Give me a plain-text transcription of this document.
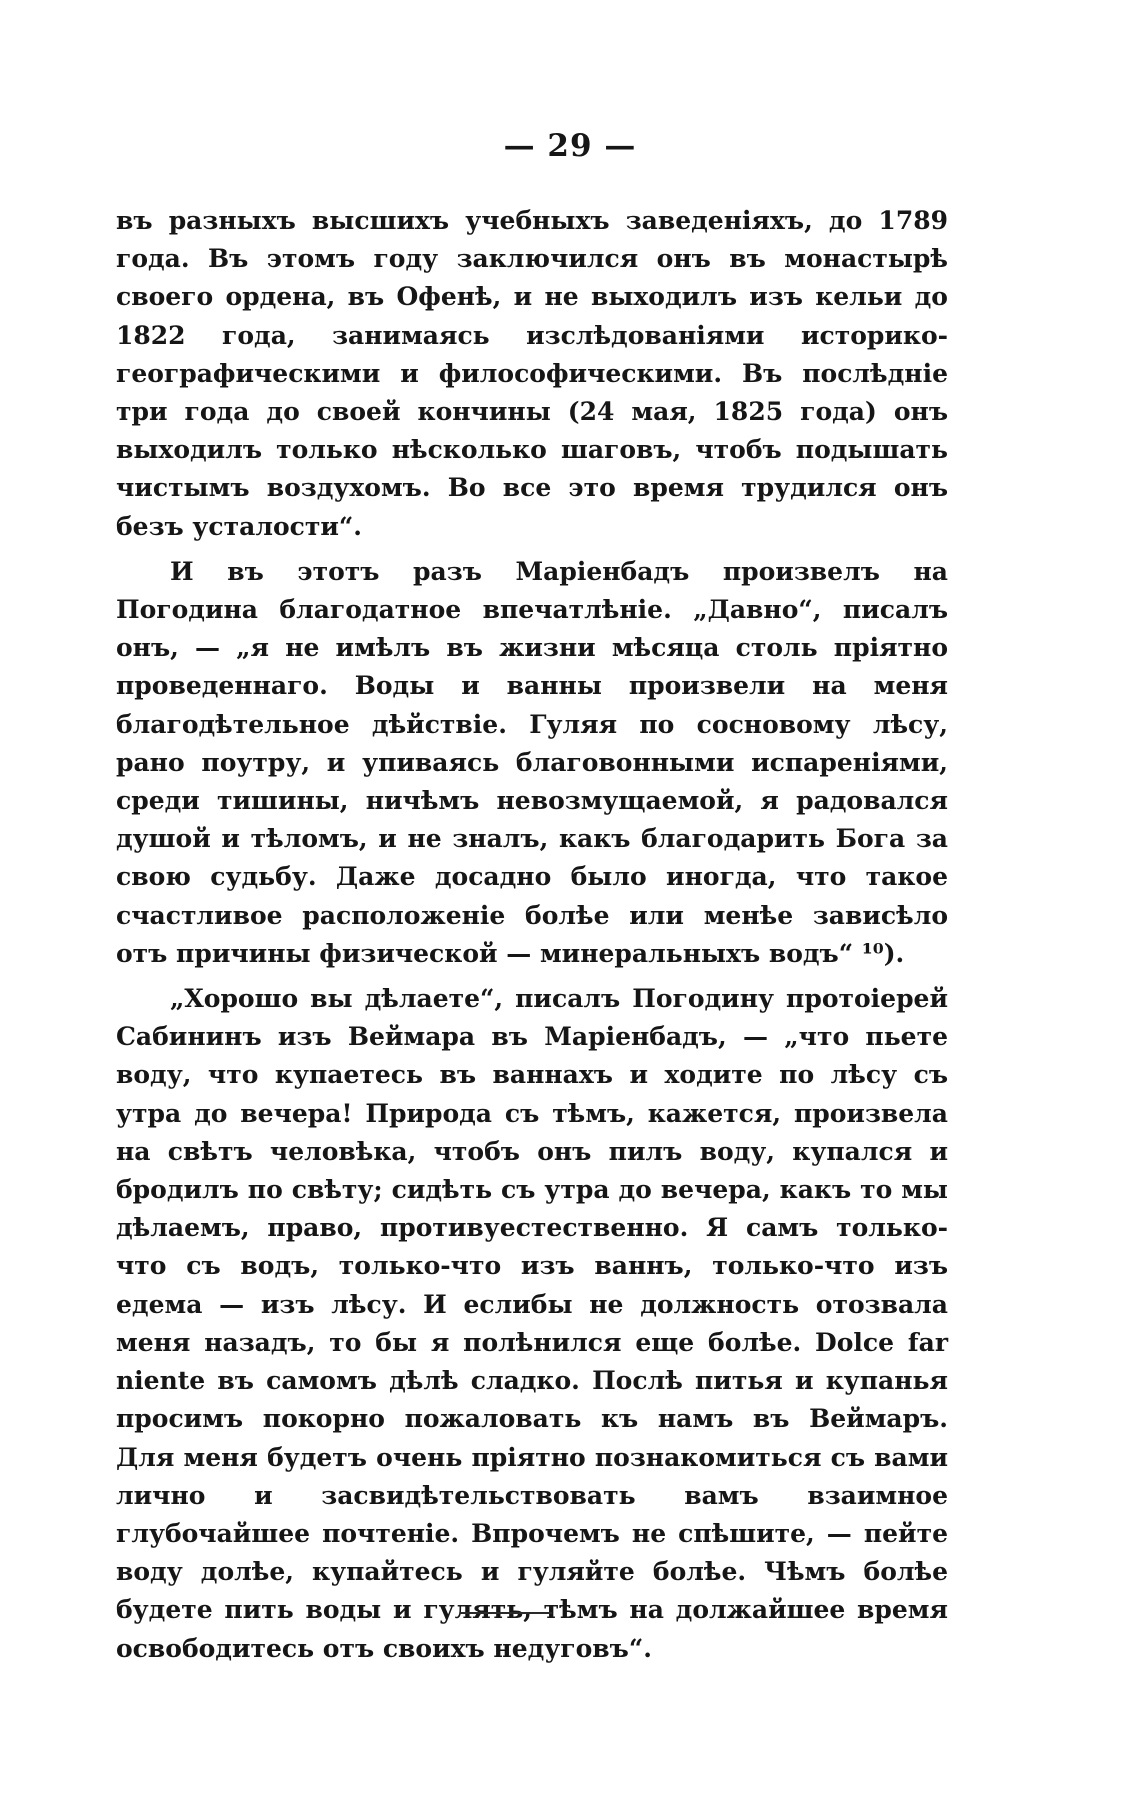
— 29 —

въ разныхъ высшихъ учебныхъ заведеніяхъ, до 1789 года. Въ этомъ году заключился онъ въ монастырѣ своего ордена, въ Офенѣ, и не выходилъ изъ кельи до 1822 года, занимаясь изслѣдованіями историко-географическими и философическими. Въ послѣдніе три года до своей кончины (24 мая, 1825 года) онъ выходилъ только нѣсколько шаговъ, чтобъ подышать чистымъ воздухомъ. Во все это время трудился онъ безъ усталости“.

И въ этотъ разъ Маріенбадъ произвелъ на Погодина благодатное впечатлѣніе. „Давно“, писалъ онъ, — „я не имѣлъ въ жизни мѣсяца столь пріятно проведеннаго. Воды и ванны произвели на меня благодѣтельное дѣйствіе. Гуляя по сосновому лѣсу, рано поутру, и упиваясь благовонными испареніями, среди тишины, ничѣмъ невозмущаемой, я радовался душой и тѣломъ, и не зналъ, какъ благодарить Бога за свою судьбу. Даже досадно было иногда, что такое счастливое расположеніе болѣе или менѣе зависѣло отъ причины физической — минеральныхъ водъ“ ¹⁰).

„Хорошо вы дѣлаете“, писалъ Погодину протоіерей Сабининъ изъ Веймара въ Маріенбадъ, — „что пьете воду, что купаетесь въ ваннахъ и ходите по лѣсу съ утра до вечера! Природа съ тѣмъ, кажется, произвела на свѣтъ человѣка, чтобъ онъ пилъ воду, купался и бродилъ по свѣту; сидѣть съ утра до вечера, какъ то мы дѣлаемъ, право, противуестественно. Я самъ только-что съ водъ, только-что изъ ваннъ, только-что изъ едема — изъ лѣсу. И еслибы не должность отозвала меня назадъ, то бы я полѣнился еще болѣе. Dolce far niente въ самомъ дѣлѣ сладко. Послѣ питья и купанья просимъ покорно пожаловать къ намъ въ Веймаръ. Для меня будетъ очень пріятно познакомиться съ вами лично и засвидѣтельствовать вамъ взаимное глубочайшее почтеніе. Впрочемъ не спѣшите, — пейте воду долѣе, купайтесь и гуляйте болѣе. Чѣмъ болѣе будете пить воды и гулять, тѣмъ на должайшее время освободитесь отъ своихъ недуговъ“.
